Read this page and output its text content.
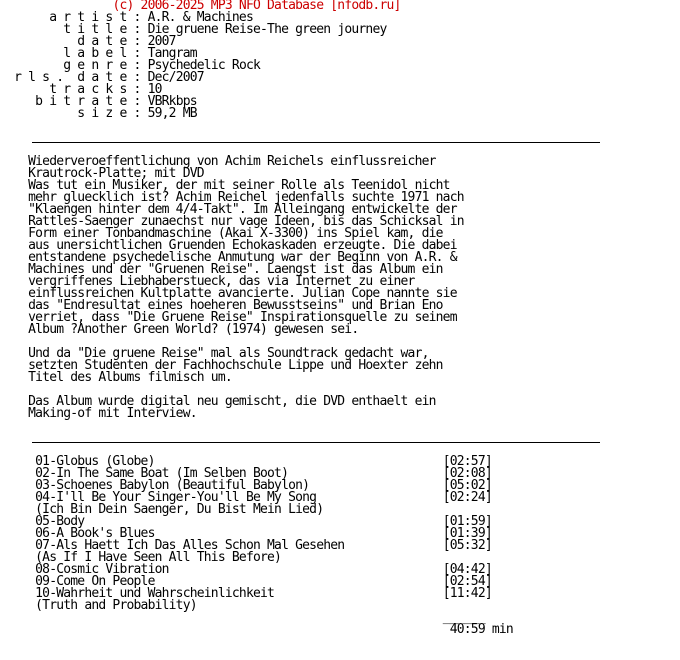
(c) 2006-2025 MP3 NFO Database [nfodb.ru]
a r t i s t : A.R. & Machines
t i t l e : Die gruene Reise-The green journey
d a t e : 2007
l a b e l : Tangram
g e n r e : Psychedelic Rock
r l s .  d a t e : Dec/2007
t r a c k s : 10
b i t r a t e : VBRkbps
s i z e : 59,2 MB
Wiederveroeffentlichung von Achim Reichels einflussreicher
Krautrock-Platte; mit DVD
Was tut ein Musiker, der mit seiner Rolle als Teenidol nicht
mehr gluecklich ist? Achim Reichel jedenfalls suchte 1971 nach
"Klaengen hinter dem 4/4-Takt". Im Alleingang entwickelte der
Rattles-Saenger zunaechst nur vage Ideen, bis das Schicksal in
Form einer Tonbandmaschine (Akai X-3300) ins Spiel kam, die
aus unersichtlichen Gruenden Echokaskaden erzeugte. Die dabei
entstandene psychedelische Anmutung war der Beginn von A.R. &
Machines und der "Gruenen Reise". Laengst ist das Album ein
vergriffenes Liebhaberstueck, das via Internet zu einer
einflussreichen Kultplatte avancierte. Julian Cope nannte sie
das "Endresultat eines hoeheren Bewusstseins" und Brian Eno
verriet, dass "Die Gruene Reise" Inspirationsquelle zu seinem
Album ?Another Green World? (1974) gewesen sei.

Und da "Die gruene Reise" mal als Soundtrack gedacht war,
setzten Studenten der Fachhochschule Lippe und Hoexter zehn
Titel des Albums filmisch um.

Das Album wurde digital neu gemischt, die DVD enthaelt ein
Making-of mit Interview.
01-Globus (Globe)	[02:57]
02-In The Same Boat (Im Selben Boot)	[02:08]
03-Schoenes Babylon (Beautiful Babylon)	[05:02]
04-I'll Be Your Singer-You'll Be My Song	[02:24]
(Ich Bin Dein Saenger, Du Bist Mein Lied)
05-Body	[01:59]
06-A Book's Blues	[01:39]
07-Als Haett Ich Das Alles Schon Mal Gesehen	[05:32]
(As If I Have Seen All This Before)
08-Cosmic Vibration	[04:42]
09-Come On People	[02:54]
10-Wahrheit und Wahrscheinlichkeit	[11:42]
(Truth and Probability)
______
40:59 min
